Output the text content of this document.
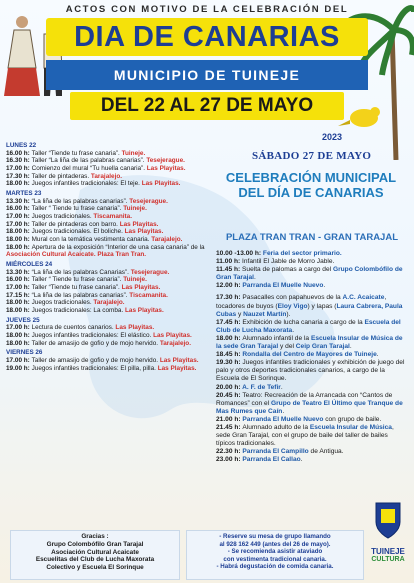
ACTOS CON MOTIVO DE LA CELEBRACIÓN DEL
DIA DE CANARIAS
MUNICIPIO DE TUINEJE
DEL 22 AL 27 DE MAYO
2023
SÁBADO 27 DE MAYO
CELEBRACIÓN MUNICIPAL DEL DÍA DE CANARIAS
PLAZA TRAN TRAN - GRAN TARAJAL
LUNES 22
16.00 h: Taller “Tiende tu frase canaria”. Tuineje.
16.30 h: Taller “La liña de las palabras canarias”. Tesejerague.
17.00 h: Comienzo del mural “Tu huella canaria”. Las Playitas.
17.30 h: Taller de pintaderas. Tarajalejo.
18.00 h: Juegos infantiles tradicionales: El teje. Las Playitas.
MARTES 23
13.30 h: “La liña de las palabras canarias”. Tesejerague.
16.00 h: Taller “ Tiende tu frase canaria”. Tuineje.
17.00 h: Juegos tradicionales. Tiscamanita.
17.00 h: Taller de pintaderas con barro. Las Playitas.
18.00 h: Juegos tradicionales. El boliche. Las Playitas.
18.00 h: Mural con la temática vestimenta canaria. Tarajalejo.
18.00 h: Apertura de la exposición “Interior de una casa canaria” de la Asociación Cultural Acaicate. Plaza Tran Tran.
MIÉRCOLES 24
13.30 h: “La liña de las palabras Canarias”. Tesejerague.
16.00 h: Taller “ Tiende tu frase canaria”. Tuineje.
17.00 h: Taller “Tiende tu frase canaria”. Las Playitas.
17.15 h: “La liña de las palabras canarias”. Tiscamanita.
18.00 h: Juegos tradicionales. Tarajalejo.
18.00 h: Juegos tradicionales: La comba. Las Playitas.
JUEVES 25
17.00 h: Lectura de cuentos canarios. Las Playitas.
18.00 h: Juegos infantiles tradicionales: El elástico. Las Playitas.
18.00 h: Taller de amasijo de gofio y de mojo hervido. Tarajalejo.
VIERNES 26
17.00 h: Taller de amasijo de gofio y de mojo hervido. Las Playitas.
19.00 h: Juegos infantiles tradicionales: El pilla, pilla. Las Playitas.
10.00 -13.00 h: Feria del sector primario.
11.00 h: Infantil El Jable de Morro Jable.
11.45 h: Suelta de palomas a cargo del Grupo Colombófilo de Gran Tarajal.
12.00 h: Parranda El Muelle Nuevo.
17.30 h: Pasacalles con papahuevos de la A.C. Acaicate, tocadores de buyos (Eloy Vigo) y lapas (Laura Cabrera, Paula Cubas y Nauzet Martín).
17.45 h: Exhibición de lucha canaria a cargo de la Escuela del Club de Lucha Maxorata.
18.00 h: Alumnado infantil de la Escuela Insular de Música de la sede Gran Tarajal y del Ceip Gran Tarajal.
18.45 h: Rondalla del Centro de Mayores de Tuineje.
19.30 h: Juegos infantiles tradicionales y exhibición de juego del palo y otros deportes tradicionales canarios, a cargo de la Escuela de El Sorinque.
20.00 h: A. F. de Tefir.
20.45 h: Teatro: Recreación de la Arrancada con “Cantos de Romances” con el Grupo de Teatro El Último que Tranque de Mas Rumes que Caín.
21.00 h: Parranda El Muelle Nuevo con grupo de baile.
21.45 h: Alumnado adulto de la Escuela Insular de Música, sede Gran Tarajal, con el grupo de baile del taller de bailes típicos tradicionales.
22.30 h: Parranda El Campillo de Antigua.
23.00 h: Parranda El Callao.
Gracias :
Grupo Colombófilo Gran Tarajal
Asociación Cultural Acaicate
Escuelitas del Club de Lucha Maxorata
Colectivo y Escuela El Sorinque
- Reserve su mesa de grupo llamando
al 928 162 449 (antes del 26 de mayo).
- Se recomienda asistir ataviado
con vestimenta tradicional canaria.
- Habrá degustación de comida canaria.
TUINEJE
CULTURA
